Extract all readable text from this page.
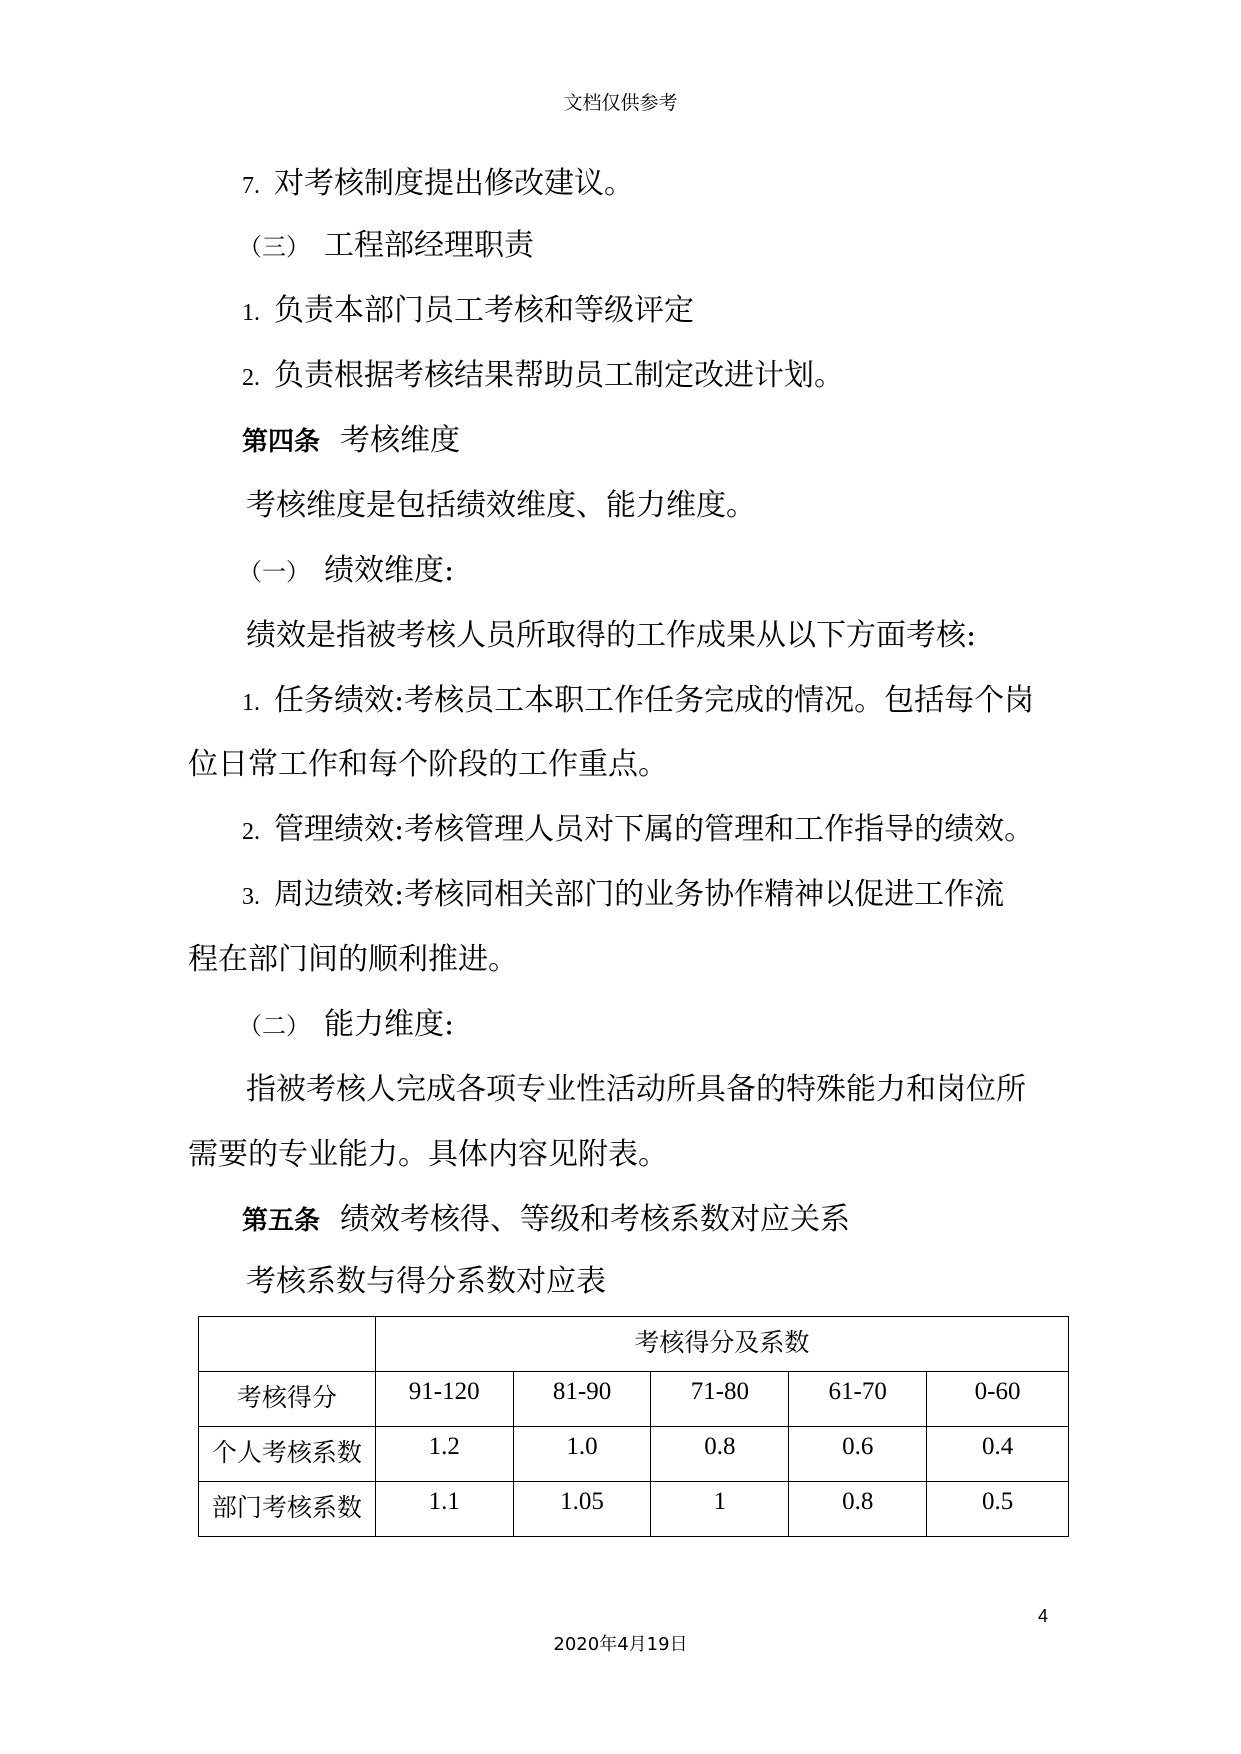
文档仅供参考
7. 对考核制度提出修改建议。
（三） 工程部经理职责
1. 负责本部门员工考核和等级评定
2. 负责根据考核结果帮助员工制定改进计划。
第四条 考核维度
考核维度是包括绩效维度、能力维度。
（一） 绩效维度:
绩效是指被考核人员所取得的工作成果从以下方面考核:
1. 任务绩效:考核员工本职工作任务完成的情况。包括每个岗
位日常工作和每个阶段的工作重点。
2. 管理绩效:考核管理人员对下属的管理和工作指导的绩效。
3. 周边绩效:考核同相关部门的业务协作精神以促进工作流
程在部门间的顺利推进。
（二） 能力维度:
指被考核人完成各项专业性活动所具备的特殊能力和岗位所
需要的专业能力。具体内容见附表。
第五条 绩效考核得、等级和考核系数对应关系
考核系数与得分系数对应表
	考核得分及系数				
考核得分	91-120	81-90	71-80	61-70	0-60
个人考核系数	1.2	1.0	0.8	0.6	0.4
部门考核系数	1.1	1.05	1	0.8	0.5
4
2020年4月19日
